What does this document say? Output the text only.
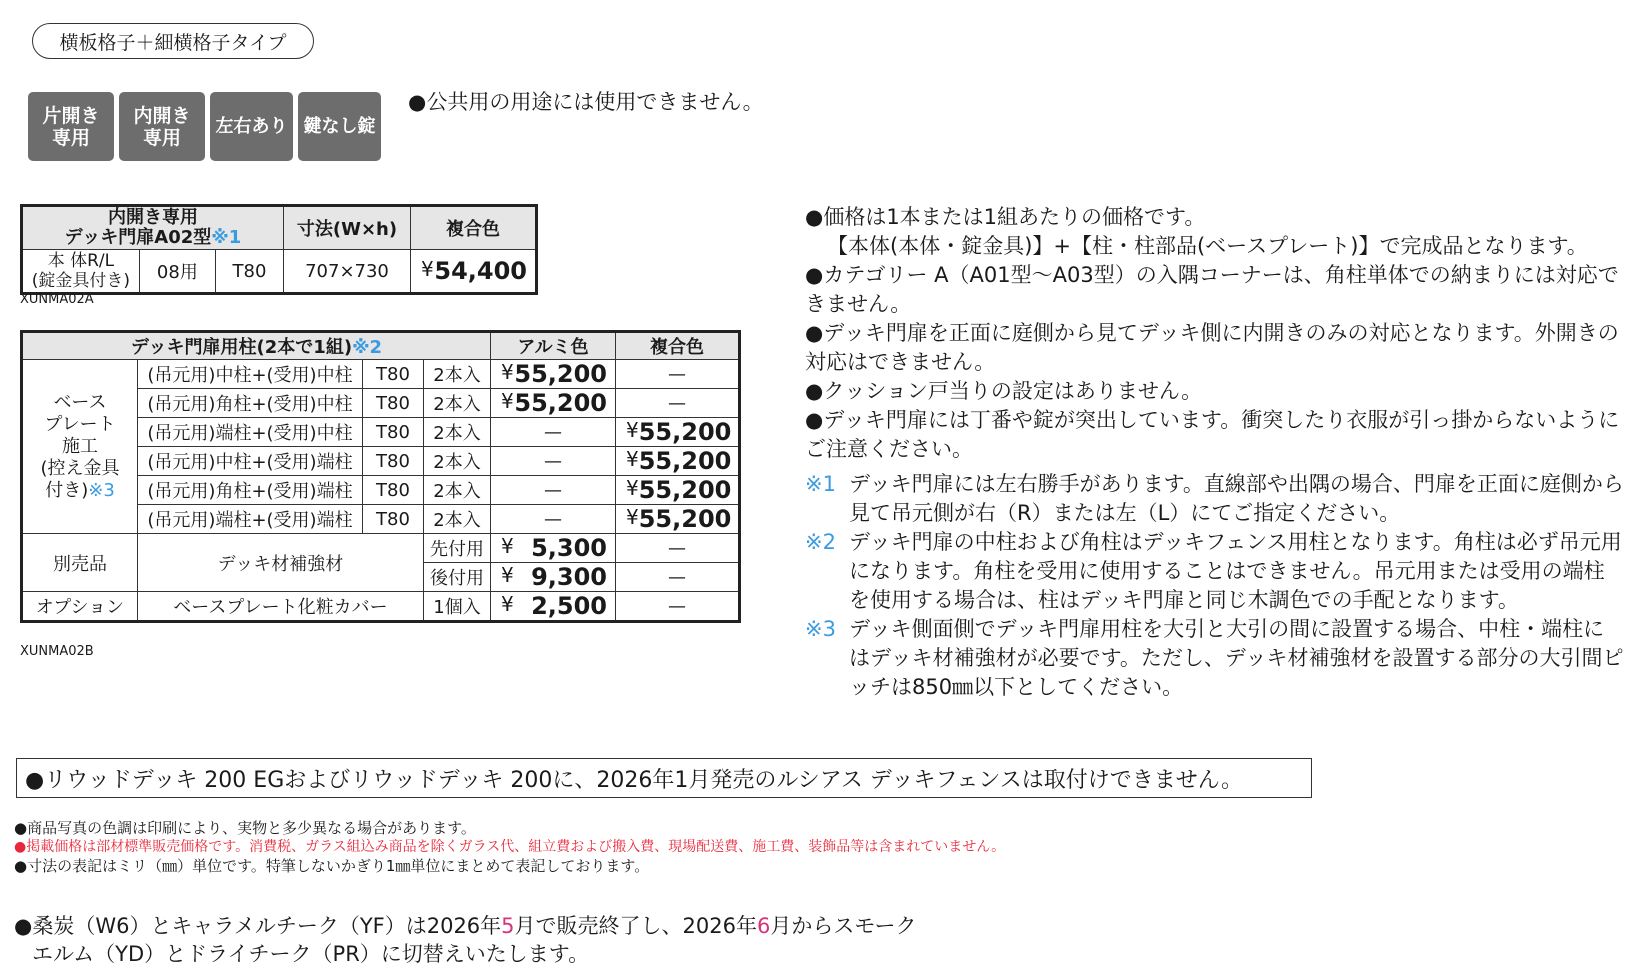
横板格子＋細横格子タイプ
片開き
専用
内開き
専用
左右あり 鍵なし錠
●公共用の用途には使用できません。
内開き専用
デッキ門扉A02型※1			寸法(W×h)	複合色
本 体R/L
(錠金具付き)	08用	T80	707×730	¥ 54,400
XUNMA02A
デッキ門扉用柱(2本で1組)※2				アルミ色	複合色
ベース
プレート
施工
(控え金具
付き)※3	(吊元用)中柱+(受用)中柱	T80	2本入	¥ 55,200	—
	(吊元用)角柱+(受用)中柱	T80	2本入	¥ 55,200	—
	(吊元用)端柱+(受用)中柱	T80	2本入	—	¥ 55,200
	(吊元用)中柱+(受用)端柱	T80	2本入	—	¥ 55,200
	(吊元用)角柱+(受用)端柱	T80	2本入	—	¥ 55,200
	(吊元用)端柱+(受用)端柱	T80	2本入	—	¥ 55,200
別売品	デッキ材補強材		先付用	¥ 5,300	—
			後付用	¥ 9,300	—
オプション	ベースプレート化粧カバー		1個入	¥ 2,500	—
XUNMA02B

●価格は1本または1組あたりの価格です。

【本体(本体・錠金具)】+【柱・柱部品(ベースプレート)】で完成品となります。

●カテゴリー A（A01型～A03型）の入隅コーナーは、角柱単体での納まりには対応できません。

●デッキ門扉を正面に庭側から見てデッキ側に内開きのみの対応となります。外開きの対応はできません。

●クッション戸当りの設定はありません。

●デッキ門扉には丁番や錠が突出しています。衝突したり衣服が引っ掛からないようにご注意ください。

※1 デッキ門扉には左右勝手があります。直線部や出隅の場合、門扉を正面に庭側から見て吊元側が右（R）または左（L）にてご指定ください。
※2 デッキ門扉の中柱および角柱はデッキフェンス用柱となります。角柱は必ず吊元用になります。角柱を受用に使用することはできません。吊元用または受用の端柱を使用する場合は、柱はデッキ門扉と同じ木調色での手配となります。
※3 デッキ側面側でデッキ門扉用柱を大引と大引の間に設置する場合、中柱・端柱にはデッキ材補強材が必要です。ただし、デッキ材補強材を設置する部分の大引間ピッチは850㎜以下としてください。
●リウッドデッキ 200 EGおよびリウッドデッキ 200に、2026年1月発売のルシアス デッキフェンスは取付けできません。
●商品写真の色調は印刷により、実物と多少異なる場合があります。
●掲載価格は部材標準販売価格です。消費税、ガラス組込み商品を除くガラス代、組立費および搬入費、現場配送費、施工費、装飾品等は含まれていません。
●寸法の表記はミリ（㎜）単位です。特筆しないかぎり1㎜単位にまとめて表記しております。
●桑炭（W6）とキャラメルチーク（YF）は2026年5月で販売終了し、2026年6月からスモーク
エルム（YD）とドライチーク（PR）に切替えいたします。
